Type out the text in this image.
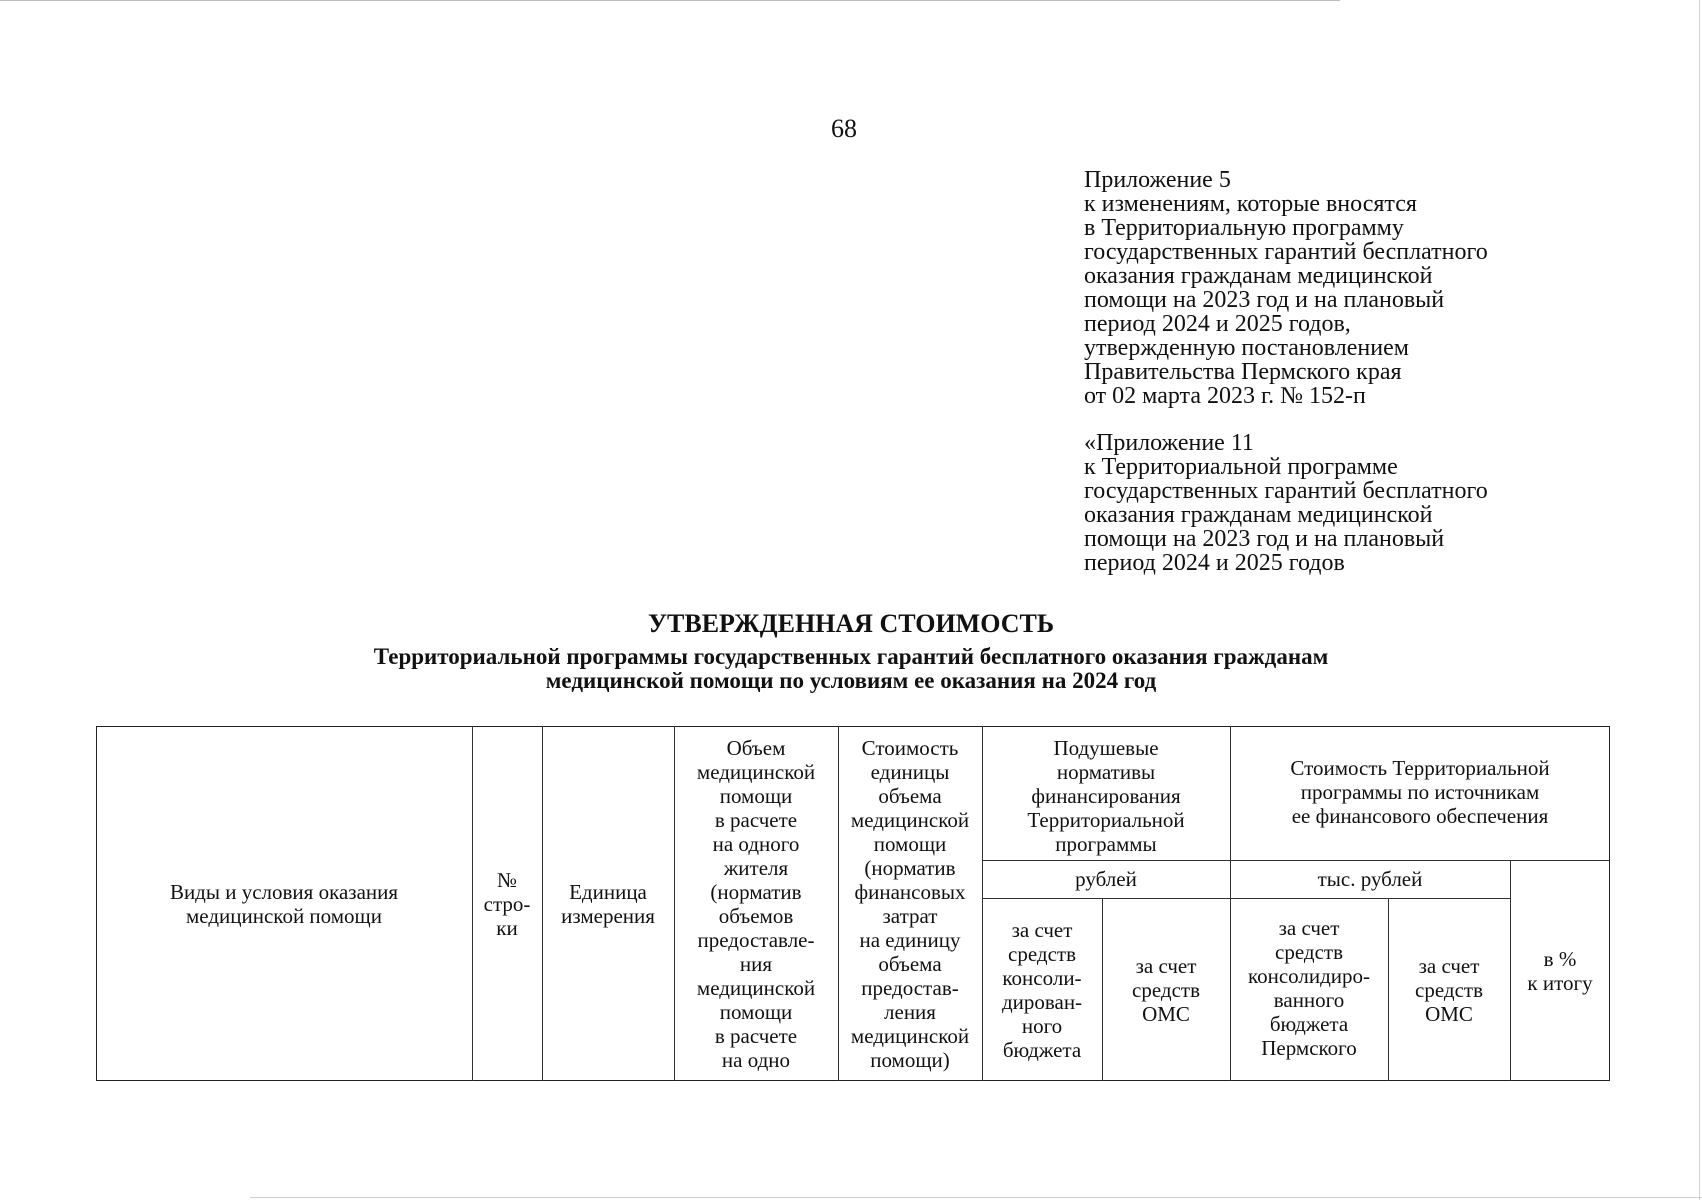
68
Приложение 5
к изменениям, которые вносятся
в Территориальную программу
государственных гарантий бесплатного
оказания гражданам медицинской
помощи на 2023 год и на плановый
период 2024 и 2025 годов,
утвержденную постановлением
Правительства Пермского края
от 02 марта 2023 г. № 152-п
«Приложение 11
к Территориальной программе
государственных гарантий бесплатного
оказания гражданам медицинской
помощи на 2023 год и на плановый
период 2024 и 2025 годов
УТВЕРЖДЕННАЯ СТОИМОСТЬ
Территориальной программы государственных гарантий бесплатного оказания гражданам
медицинской помощи по условиям ее оказания на 2024 год
Виды и условия оказания
медицинской помощи
№
стро-
ки
Единица
измерения
Объем
медицинской
помощи
в расчете
на одного
жителя
(норматив
объемов
предоставле-
ния
медицинской
помощи
в расчете
на одно
Стоимость
единицы
объема
медицинской
помощи
(норматив
финансовых
затрат
на единицу
объема
предостав-
ления
медицинской
помощи)
Подушевые
нормативы
финансирования
Территориальной
программы
Стоимость Территориальной
программы по источникам
ее финансового обеспечения
рублей	тыс. рублей
за счет
средств
консоли-
дирован-
ного
бюджета
за счет
средств
ОМС
за счет
средств
консолидиро-
ванного
бюджета
Пермского
за счет
средств
ОМС
в %
к итогу
